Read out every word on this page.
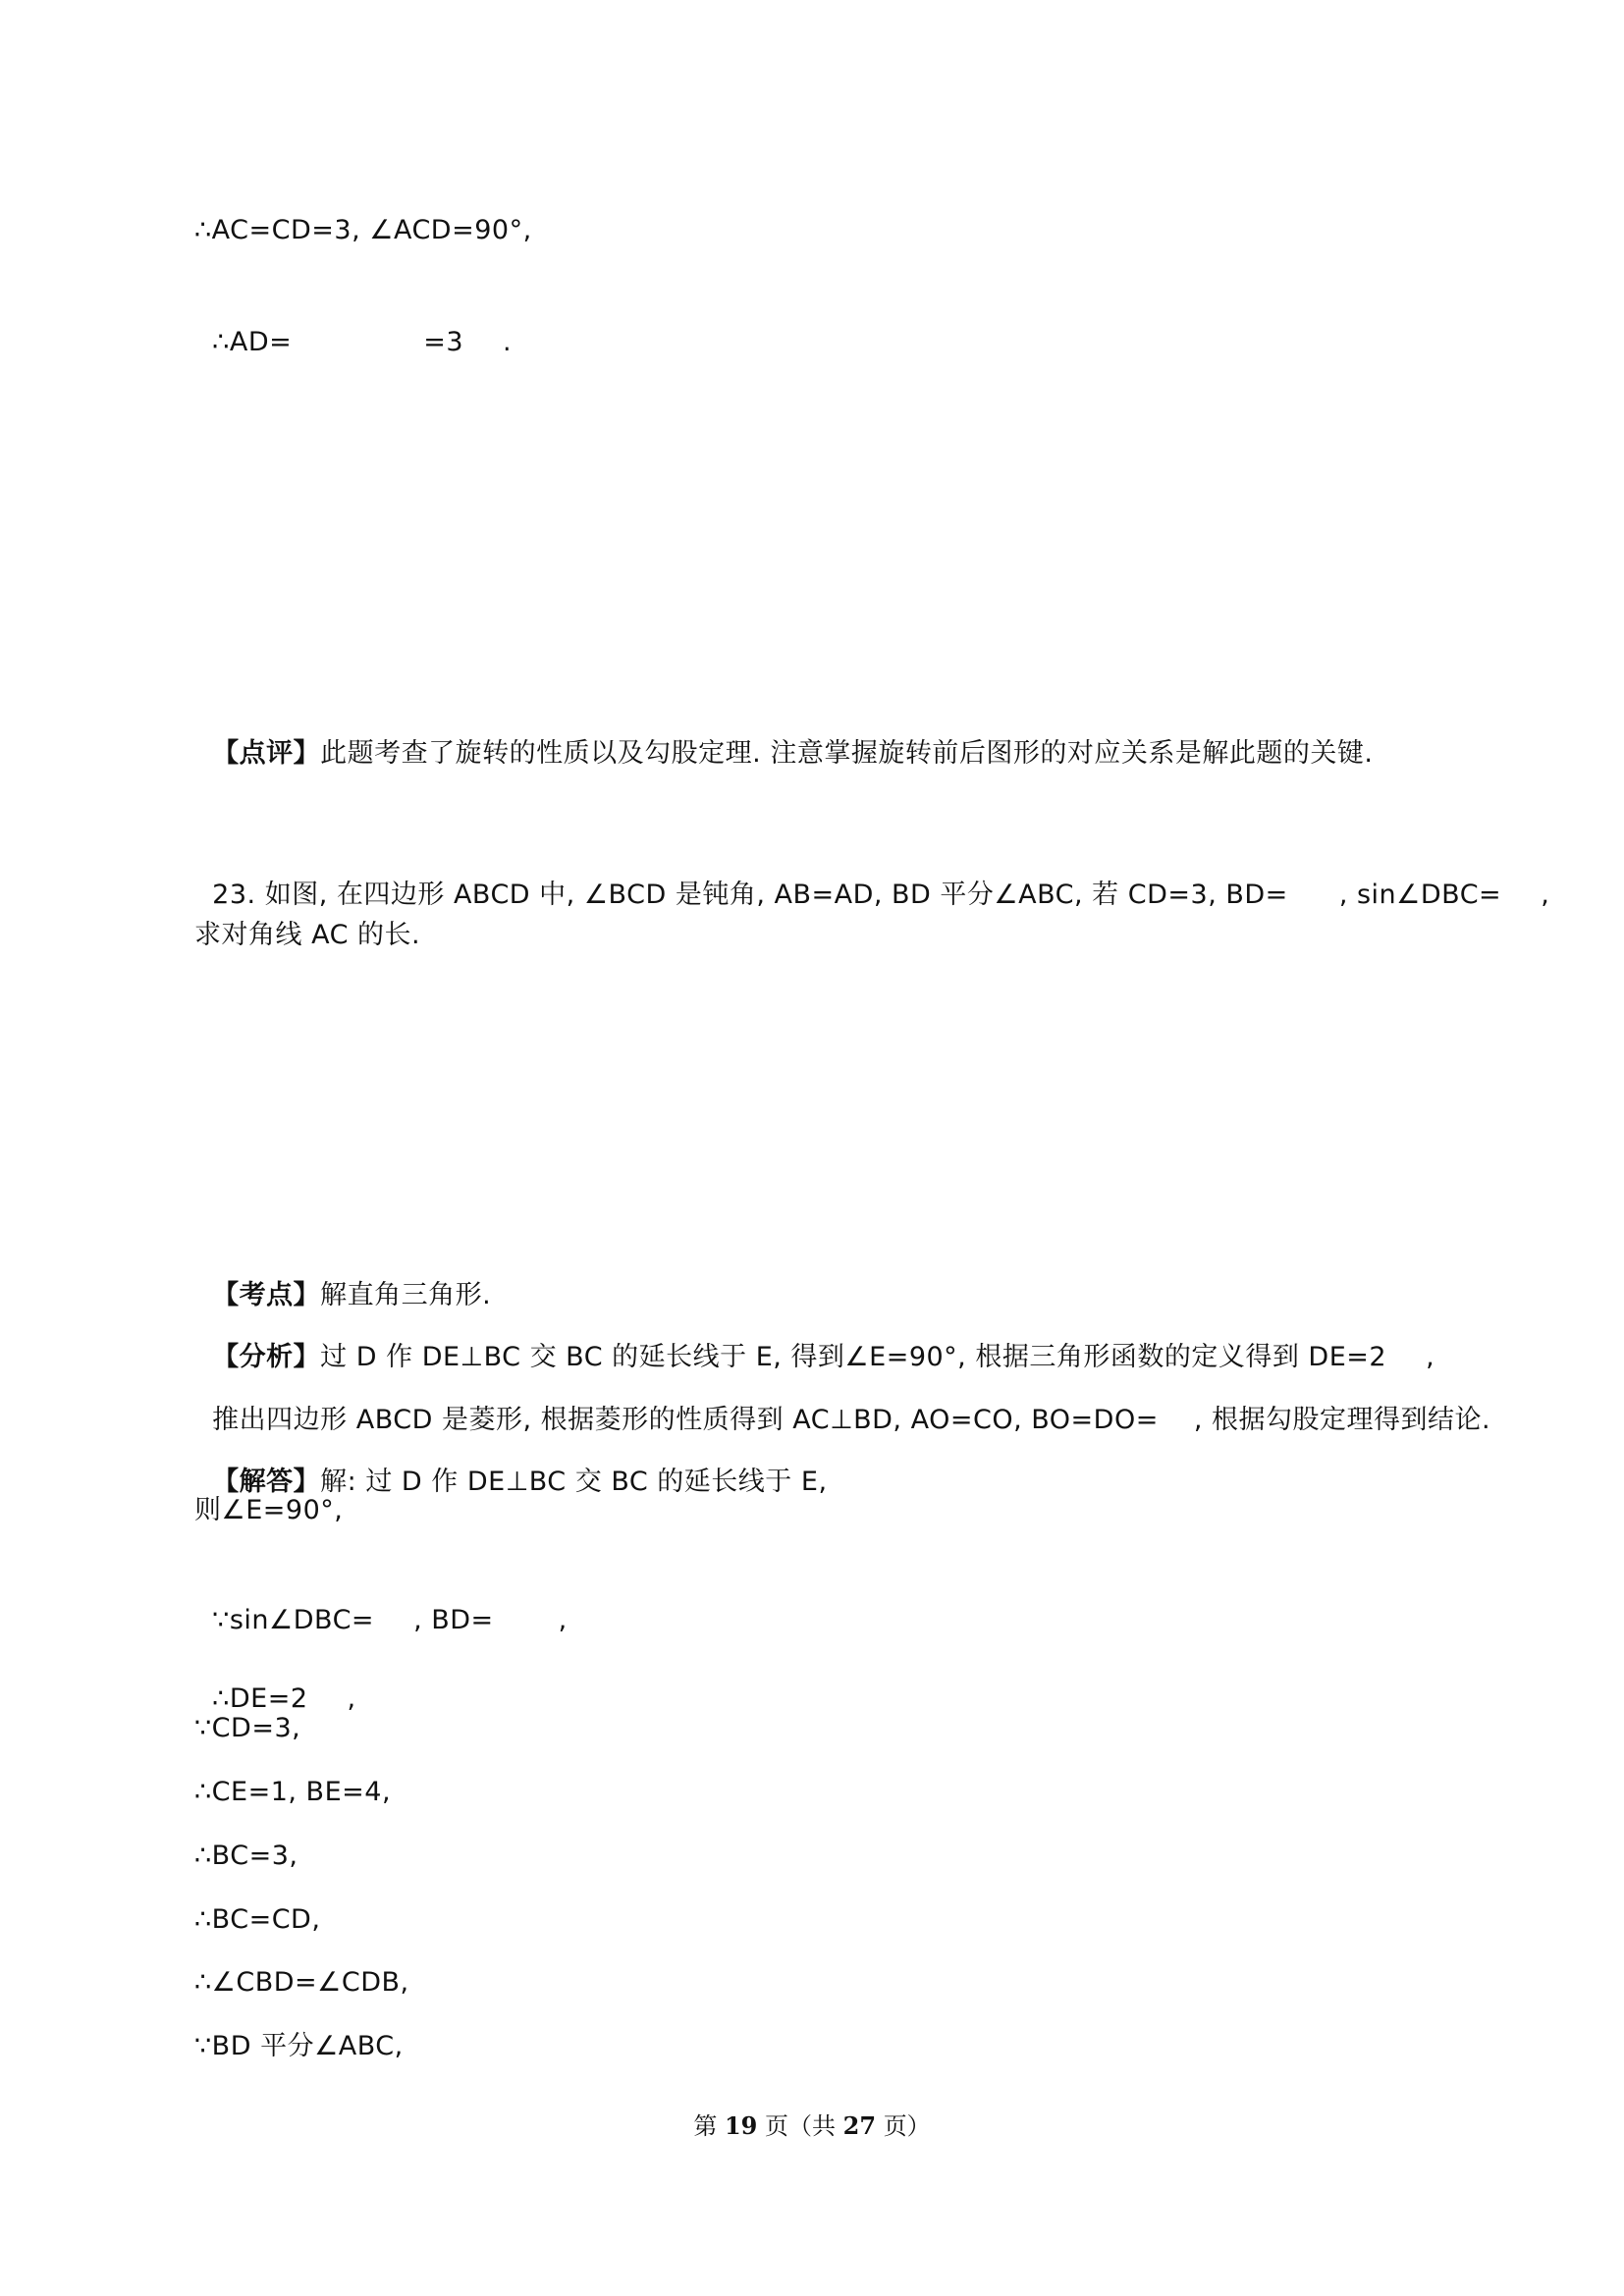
∴AC=CD=3, ∠ACD=90°,

∴AD=	=3 .

【点评】此题考查了旋转的性质以及勾股定理. 注意掌握旋转前后图形的对应关系是解此题的关键.

23. 如图, 在四边形 ABCD 中, ∠BCD 是钝角, AB=AD, BD 平分∠ABC, 若 CD=3, BD= , sin∠DBC= ,

求对角线 AC 的长.

【考点】解直角三角形.

【分析】过 D 作 DE⊥BC 交 BC 的延长线于 E, 得到∠E=90°, 根据三角形函数的定义得到 DE=2 ,

推出四边形 ABCD 是菱形, 根据菱形的性质得到 AC⊥BD, AO=CO, BO=DO= , 根据勾股定理得到结论.

【解答】解: 过 D 作 DE⊥BC 交 BC 的延长线于 E,

则∠E=90°,

∵sin∠DBC= , BD= ,

∴DE=2 ,

∵CD=3,
∴CE=1, BE=4,
∴BC=3,
∴BC=CD,
∴∠CBD=∠CDB,
∵BD 平分∠ABC,
第 19 页（共 27 页）
